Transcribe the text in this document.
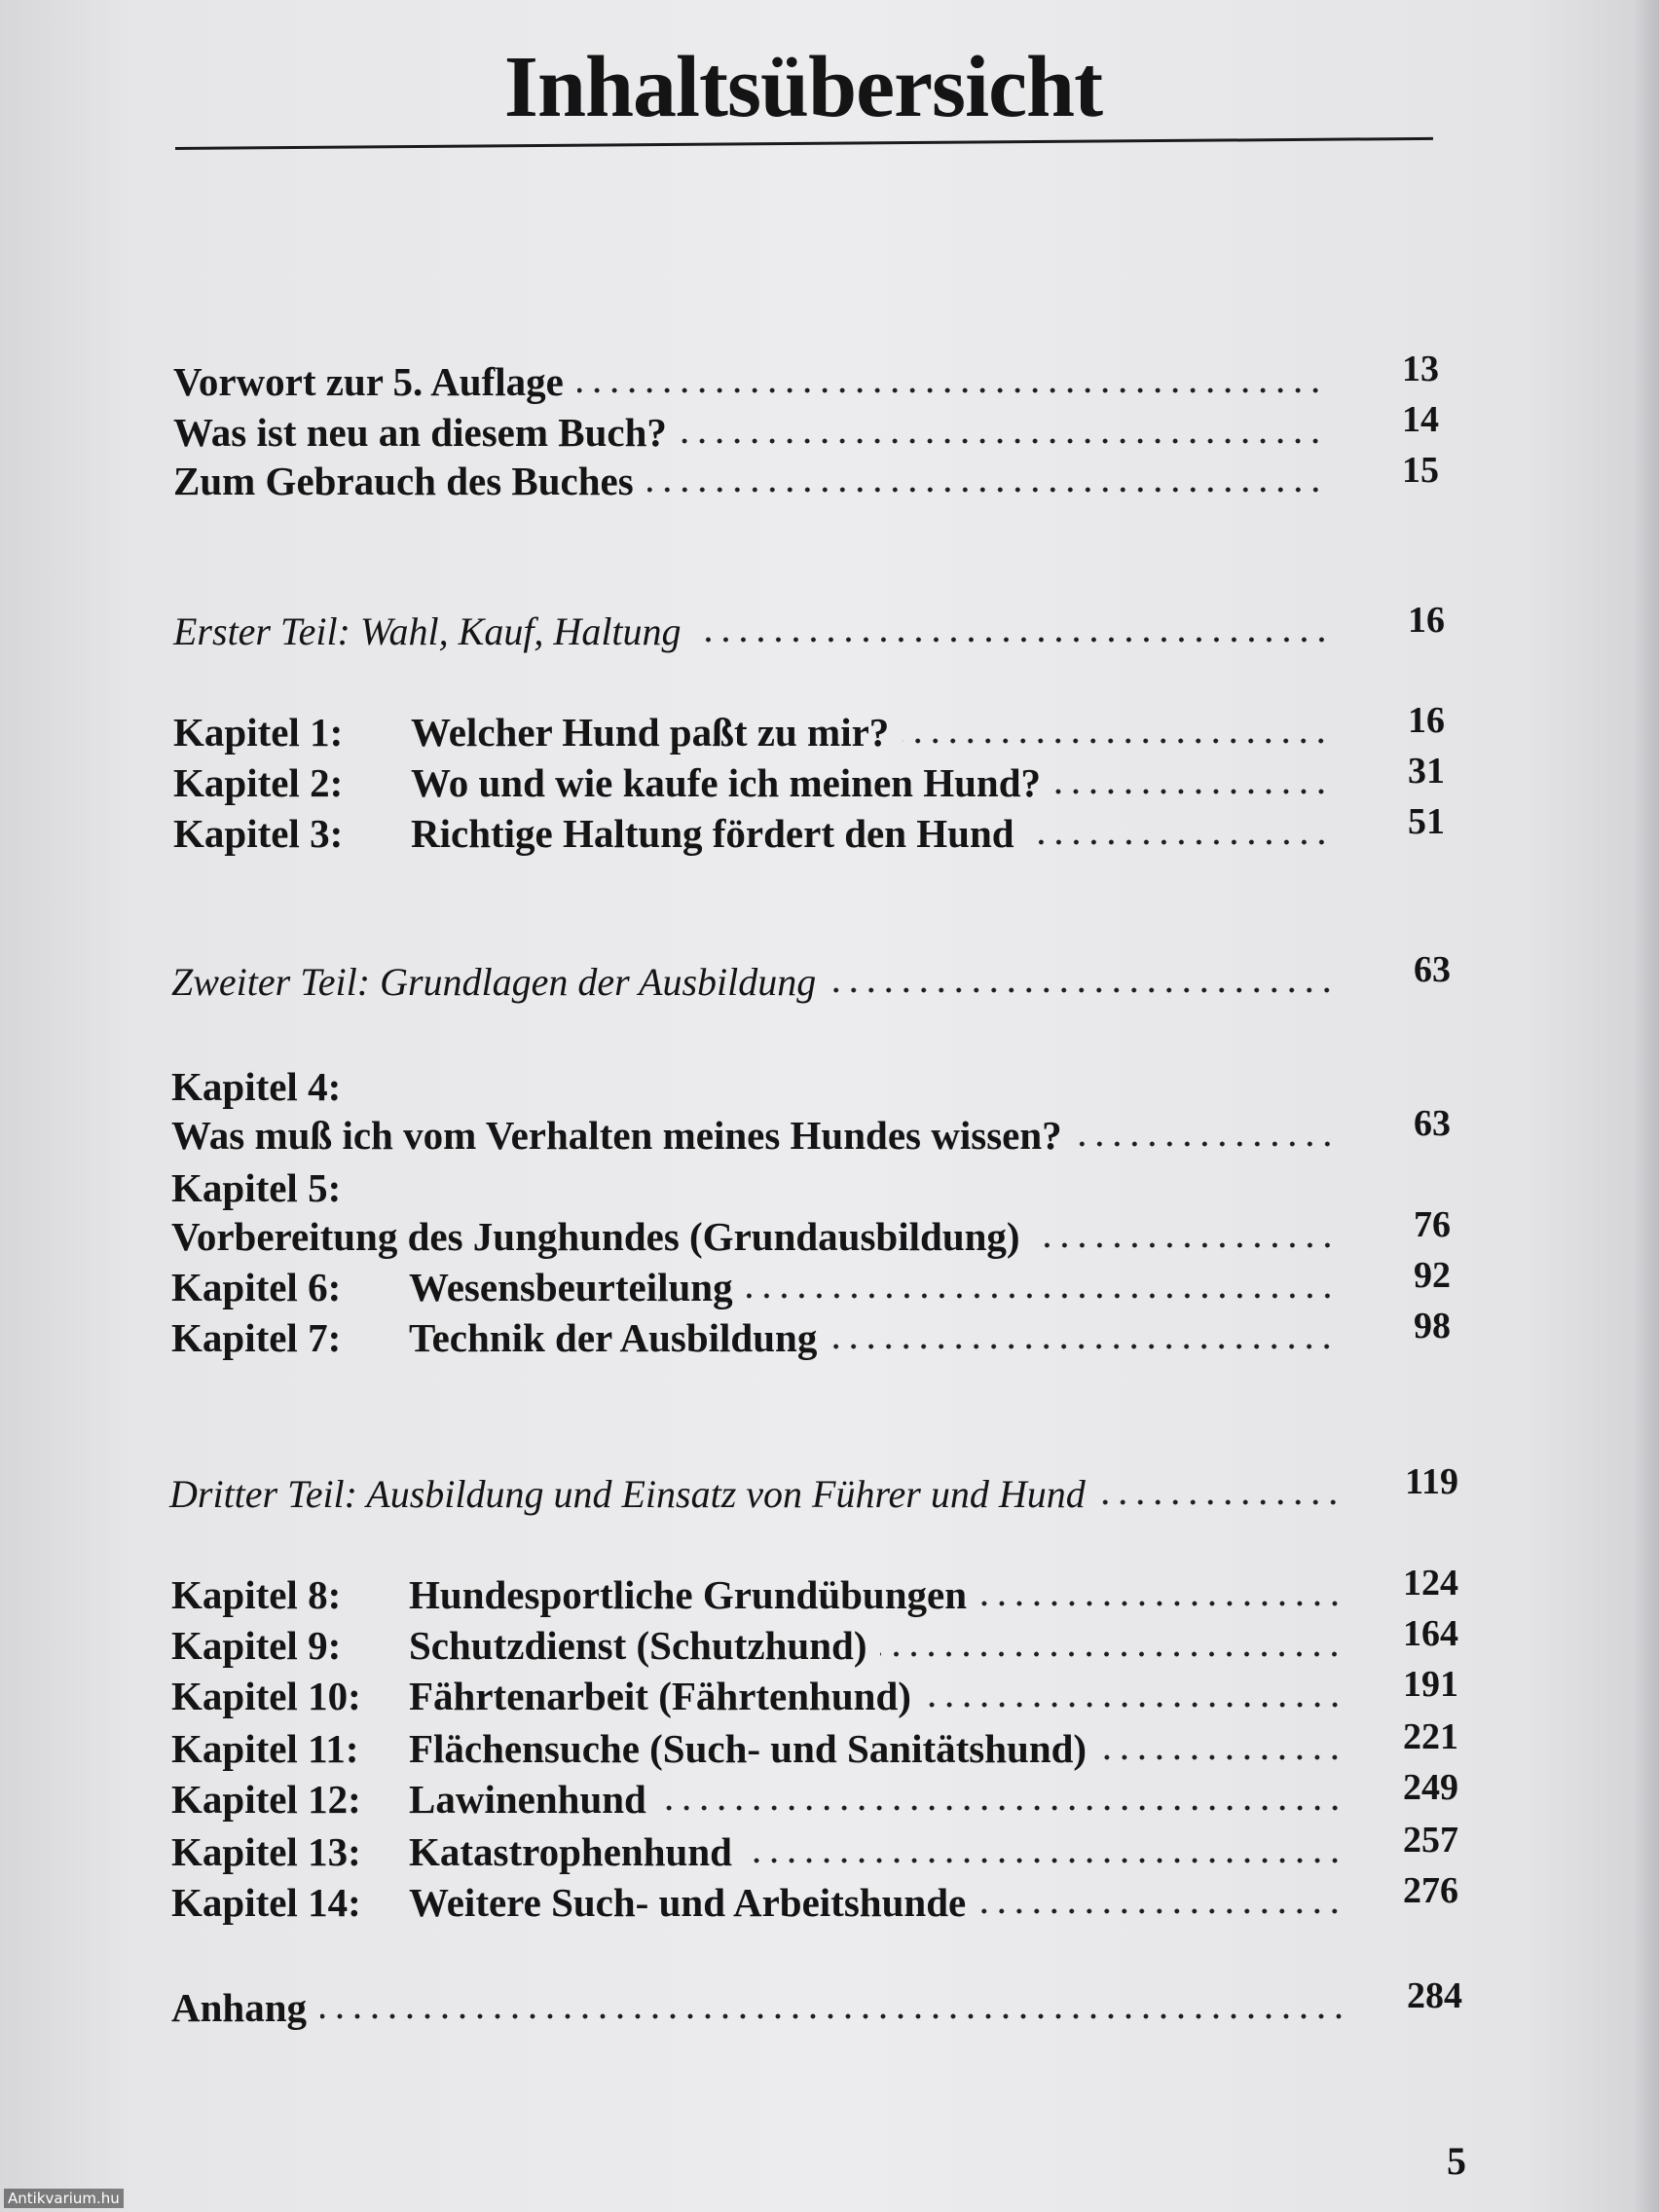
Inhaltsübersicht
Vorwort zur 5. Auflage	13
Was ist neu an diesem Buch?	14
Zum Gebrauch des Buches	15
Erster Teil: Wahl, Kauf, Haltung	16
Kapitel 1:	Welcher Hund paßt zu mir?	16
Kapitel 2:	Wo und wie kaufe ich meinen Hund?	31
Kapitel 3:	Richtige Haltung fördert den Hund	51
Zweiter Teil: Grundlagen der Ausbildung	63
Kapitel 4:
Was muß ich vom Verhalten meines Hundes wissen?	63
Kapitel 5:
Vorbereitung des Junghundes (Grundausbildung)	76
Kapitel 6:	Wesensbeurteilung	92
Kapitel 7:	Technik der Ausbildung	98
Dritter Teil: Ausbildung und Einsatz von Führer und Hund	119
Kapitel 8:	Hundesportliche Grundübungen	124
Kapitel 9:	Schutzdienst (Schutzhund)	164
Kapitel 10:	Fährtenarbeit (Fährtenhund)	191
Kapitel 11:	Flächensuche (Such- und Sanitätshund)	221
Kapitel 12:	Lawinenhund	249
Kapitel 13:	Katastrophenhund	257
Kapitel 14:	Weitere Such- und Arbeitshunde	276
Anhang	284
5
Antikvarium.hu
